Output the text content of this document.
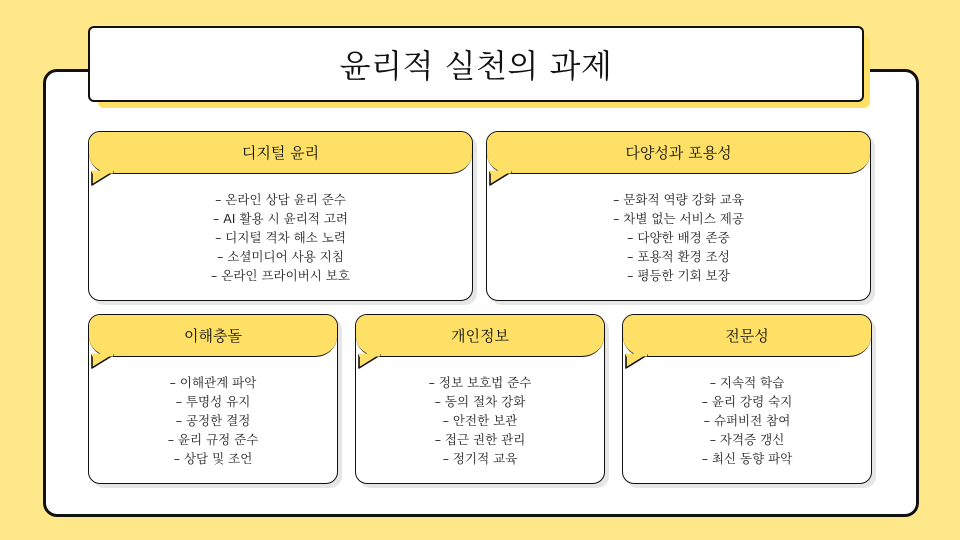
윤리적 실천의 과제
디지털 윤리
– 온라인 상담 윤리 준수
– AI 활용 시 윤리적 고려
– 디지털 격차 해소 노력
– 소셜미디어 사용 지침
– 온라인 프라이버시 보호
다양성과 포용성
– 문화적 역량 강화 교육
– 차별 없는 서비스 제공
– 다양한 배경 존중
– 포용적 환경 조성
– 평등한 기회 보장
이해충돌
– 이해관계 파악
– 투명성 유지
– 공정한 결정
– 윤리 규정 준수
– 상담 및 조언
개인정보
– 정보 보호법 준수
– 동의 절차 강화
– 안전한 보관
– 접근 권한 관리
– 정기적 교육
전문성
– 지속적 학습
– 윤리 강령 숙지
– 슈퍼비전 참여
– 자격증 갱신
– 최신 동향 파악
